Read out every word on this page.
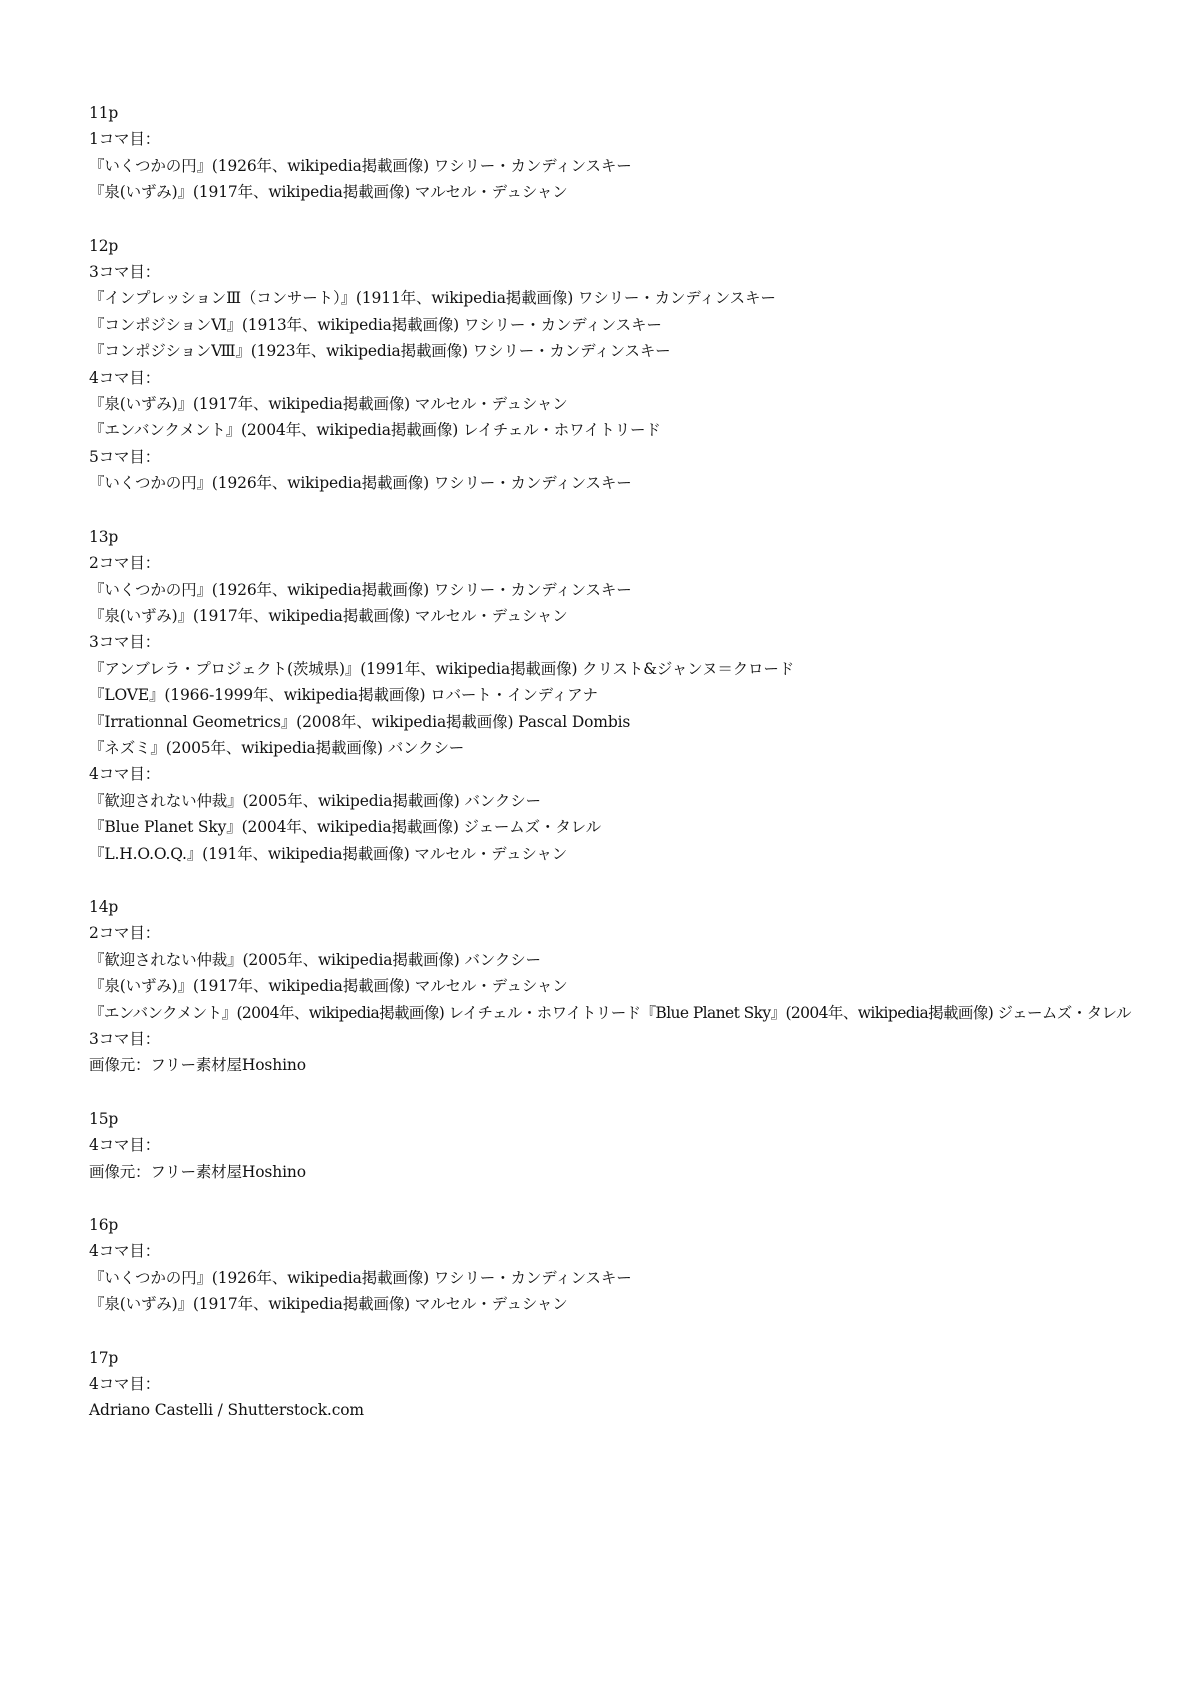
11p
1コマ目：
『いくつかの円』(1926年、wikipedia掲載画像) ワシリー・カンディンスキー
『泉(いずみ)』(1917年、wikipedia掲載画像) マルセル・デュシャン
12p
3コマ目：
『インプレッションⅢ（コンサート）』(1911年、wikipedia掲載画像) ワシリー・カンディンスキー
『コンポジションⅥ』(1913年、wikipedia掲載画像) ワシリー・カンディンスキー
『コンポジションⅧ』(1923年、wikipedia掲載画像) ワシリー・カンディンスキー
4コマ目：
『泉(いずみ)』(1917年、wikipedia掲載画像) マルセル・デュシャン
『エンバンクメント』(2004年、wikipedia掲載画像) レイチェル・ホワイトリード
5コマ目：
『いくつかの円』(1926年、wikipedia掲載画像) ワシリー・カンディンスキー
13p
2コマ目：
『いくつかの円』(1926年、wikipedia掲載画像) ワシリー・カンディンスキー
『泉(いずみ)』(1917年、wikipedia掲載画像) マルセル・デュシャン
3コマ目：
『アンブレラ・プロジェクト(茨城県)』(1991年、wikipedia掲載画像) クリスト&ジャンヌ＝クロード
『LOVE』(1966-1999年、wikipedia掲載画像) ロバート・インディアナ
『Irrationnal Geometrics』(2008年、wikipedia掲載画像) Pascal Dombis
『ネズミ』(2005年、wikipedia掲載画像) バンクシー
4コマ目：
『歓迎されない仲裁』(2005年、wikipedia掲載画像) バンクシー
『Blue Planet Sky』(2004年、wikipedia掲載画像) ジェームズ・タレル
『L.H.O.O.Q.』(191年、wikipedia掲載画像) マルセル・デュシャン
14p
2コマ目：
『歓迎されない仲裁』(2005年、wikipedia掲載画像) バンクシー
『泉(いずみ)』(1917年、wikipedia掲載画像) マルセル・デュシャン
『エンバンクメント』(2004年、wikipedia掲載画像) レイチェル・ホワイトリード『Blue Planet Sky』(2004年、wikipedia掲載画像) ジェームズ・タレル
3コマ目：
画像元：フリー素材屋Hoshino
15p
4コマ目：
画像元：フリー素材屋Hoshino
16p
4コマ目：
『いくつかの円』(1926年、wikipedia掲載画像) ワシリー・カンディンスキー
『泉(いずみ)』(1917年、wikipedia掲載画像) マルセル・デュシャン
17p
4コマ目：
Adriano Castelli / Shutterstock.com
